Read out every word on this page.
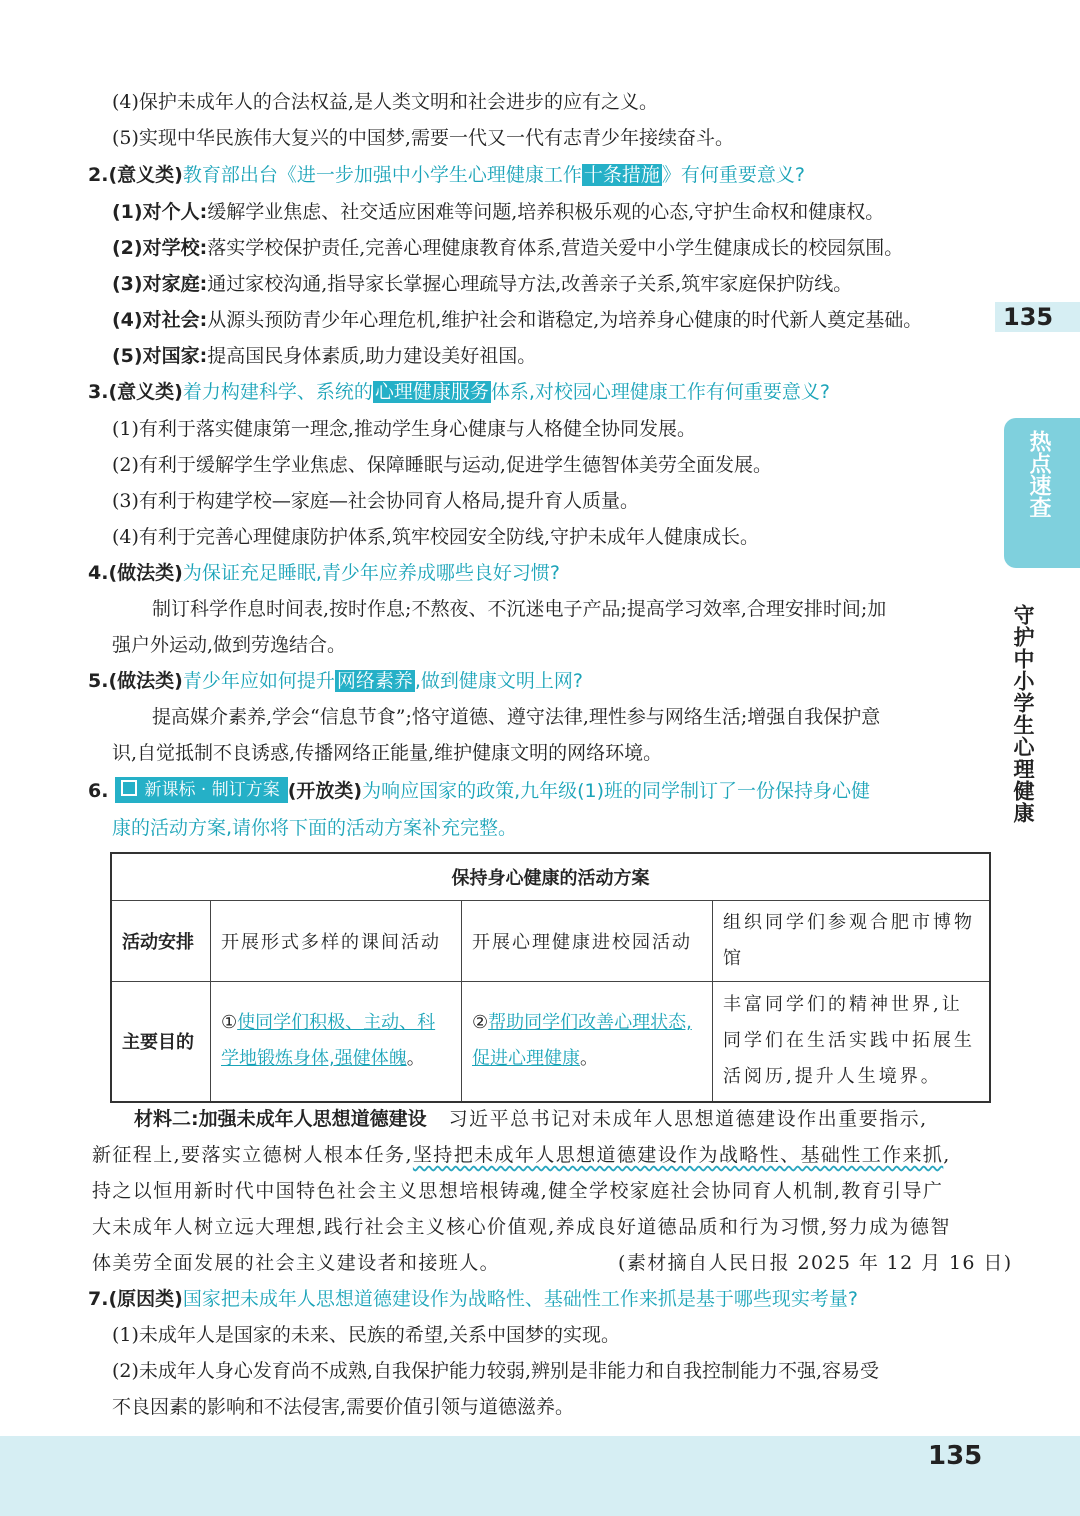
135
热点速查
守护中小学生心理健康
(4)保护未成年人的合法权益,是人类文明和社会进步的应有之义。
(5)实现中华民族伟大复兴的中国梦,需要一代又一代有志青少年接续奋斗。
2.(意义类)教育部出台《进一步加强中小学生心理健康工作 十条措施 》有何重要意义?
(1)对个人:缓解学业焦虑、社交适应困难等问题,培养积极乐观的心态,守护生命权和健康权。
(2)对学校:落实学校保护责任,完善心理健康教育体系,营造关爱中小学生健康成长的校园氛围。
(3)对家庭:通过家校沟通,指导家长掌握心理疏导方法,改善亲子关系,筑牢家庭保护防线。
(4)对社会:从源头预防青少年心理危机,维护社会和谐稳定,为培养身心健康的时代新人奠定基础。
(5)对国家:提高国民身体素质,助力建设美好祖国。
3.(意义类)着力构建科学、系统的 心理健康服务 体系,对校园心理健康工作有何重要意义?
(1)有利于落实健康第一理念,推动学生身心健康与人格健全协同发展。
(2)有利于缓解学生学业焦虑、保障睡眠与运动,促进学生德智体美劳全面发展。
(3)有利于构建学校—家庭—社会协同育人格局,提升育人质量。
(4)有利于完善心理健康防护体系,筑牢校园安全防线,守护未成年人健康成长。
4.(做法类)为保证充足睡眠,青少年应养成哪些良好习惯?
制订科学作息时间表,按时作息;不熬夜、不沉迷电子产品;提高学习效率,合理安排时间;加
强户外运动,做到劳逸结合。
5.(做法类)青少年应如何提升 网络素养 ,做到健康文明上网?
提高媒介素养,学会“信息节食”;恪守道德、遵守法律,理性参与网络生活;增强自我保护意
识,自觉抵制不良诱惑,传播网络正能量,维护健康文明的网络环境。
6. 新课标 · 制订方案 (开放类)为响应国家的政策,九年级(1)班的同学制订了一份保持身心健
康的活动方案,请你将下面的活动方案补充完整。
保持身心健康的活动方案			
活动安排	开展形式多样的课间活动	开展心理健康进校园活动	组织同学们参观合肥市博物馆
主要目的	①使同学们积极、主动、科学地锻炼身体,强健体魄。	②帮助同学们改善心理状态,促进心理健康。	丰富同学们的精神世界,让同学们在生活实践中拓展生活阅历,提升人生境界。
材料二:加强未成年人思想道德建设 习近平总书记对未成年人思想道德建设作出重要指示,
新征程上,要落实立德树人根本任务,坚持把未成年人思想道德建设作为战略性、基础性工作来抓,
持之以恒用新时代中国特色社会主义思想培根铸魂,健全学校家庭社会协同育人机制,教育引导广
大未成年人树立远大理想,践行社会主义核心价值观,养成良好道德品质和行为习惯,努力成为德智
体美劳全面发展的社会主义建设者和接班人。	(素材摘自人民日报 2025 年 12 月 16 日)
7.(原因类)国家把未成年人思想道德建设作为战略性、基础性工作来抓是基于哪些现实考量?
(1)未成年人是国家的未来、民族的希望,关系中国梦的实现。
(2)未成年人身心发育尚不成熟,自我保护能力较弱,辨别是非能力和自我控制能力不强,容易受
不良因素的影响和不法侵害,需要价值引领与道德滋养。
135
